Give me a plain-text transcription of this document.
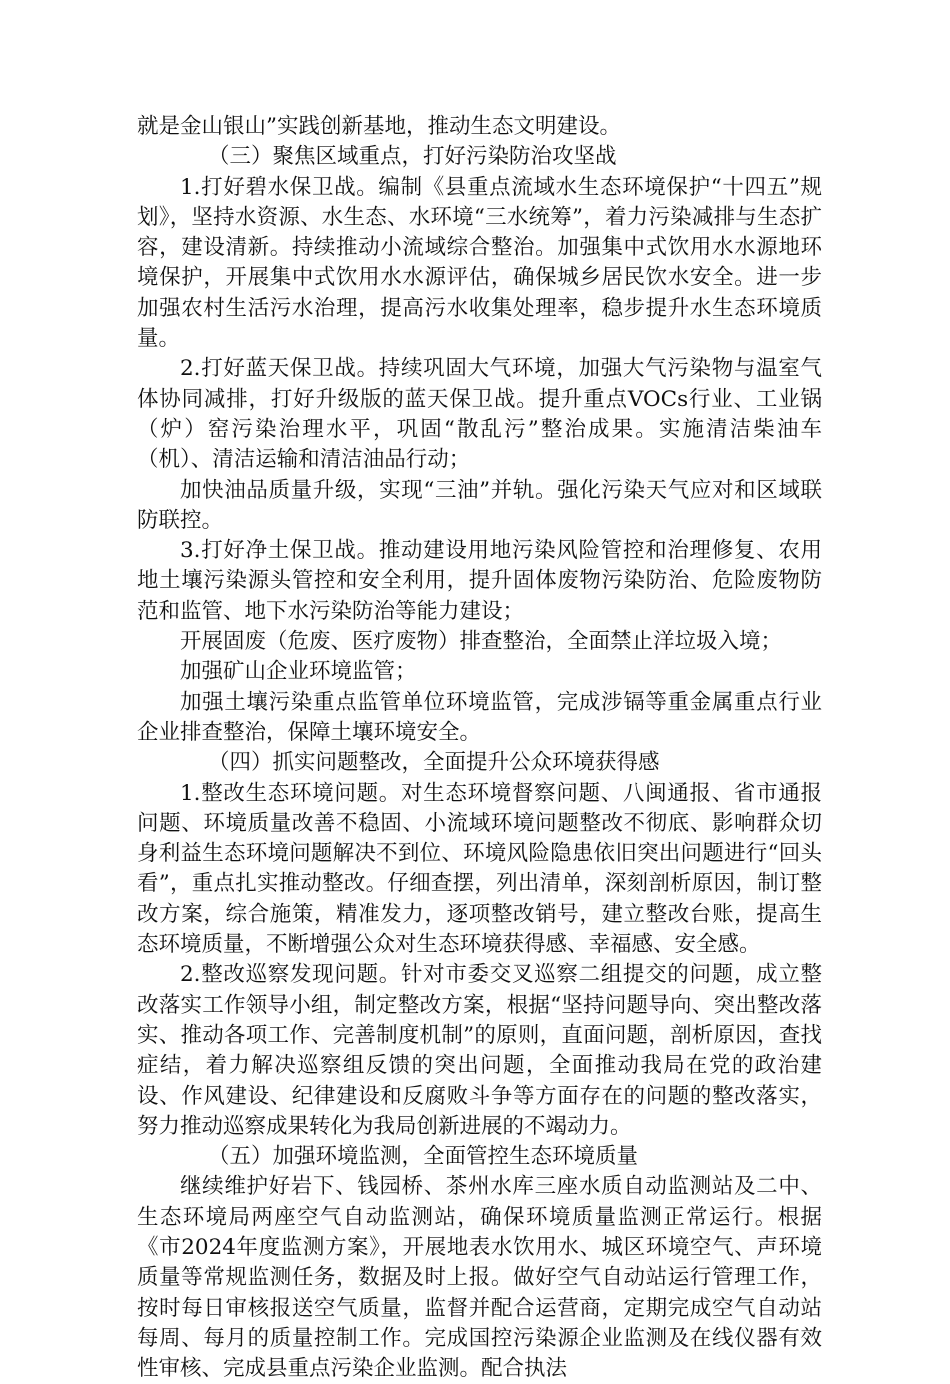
就是金山银山”实践创新基地，推动生态文明建设。

（三）聚焦区域重点，打好污染防治攻坚战

1.打好碧水保卫战。编制《县重点流域水生态环境保护“十四五”规划》，坚持水资源、水生态、水环境“三水统筹”，着力污染减排与生态扩容，建设清新。持续推动小流域综合整治。加强集中式饮用水水源地环境保护，开展集中式饮用水水源评估，确保城乡居民饮水安全。进一步加强农村生活污水治理，提高污水收集处理率，稳步提升水生态环境质量。

2.打好蓝天保卫战。持续巩固大气环境，加强大气污染物与温室气体协同减排，打好升级版的蓝天保卫战。提升重点VOCs行业、工业锅（炉）窑污染治理水平，巩固“散乱污”整治成果。实施清洁柴油车（机）、清洁运输和清洁油品行动；

加快油品质量升级，实现“三油”并轨。强化污染天气应对和区域联防联控。

3.打好净土保卫战。推动建设用地污染风险管控和治理修复、农用地土壤污染源头管控和安全利用，提升固体废物污染防治、危险废物防范和监管、地下水污染防治等能力建设；

开展固废（危废、医疗废物）排查整治，全面禁止洋垃圾入境；

加强矿山企业环境监管；

加强土壤污染重点监管单位环境监管，完成涉镉等重金属重点行业企业排查整治，保障土壤环境安全。

（四）抓实问题整改，全面提升公众环境获得感

1.整改生态环境问题。对生态环境督察问题、八闽通报、省市通报问题、环境质量改善不稳固、小流域环境问题整改不彻底、影响群众切身利益生态环境问题解决不到位、环境风险隐患依旧突出问题进行“回头看”，重点扎实推动整改。仔细查摆，列出清单，深刻剖析原因，制订整改方案，综合施策，精准发力，逐项整改销号，建立整改台账，提高生态环境质量，不断增强公众对生态环境获得感、幸福感、安全感。

2.整改巡察发现问题。针对市委交叉巡察二组提交的问题，成立整改落实工作领导小组，制定整改方案，根据“坚持问题导向、突出整改落实、推动各项工作、完善制度机制”的原则，直面问题，剖析原因，查找症结，着力解决巡察组反馈的突出问题，全面推动我局在党的政治建设、作风建设、纪律建设和反腐败斗争等方面存在的问题的整改落实，努力推动巡察成果转化为我局创新进展的不竭动力。

（五）加强环境监测，全面管控生态环境质量

继续维护好岩下、钱园桥、茶州水库三座水质自动监测站及二中、生态环境局两座空气自动监测站，确保环境质量监测正常运行。根据《市2024年度监测方案》，开展地表水饮用水、城区环境空气、声环境质量等常规监测任务，数据及时上报。做好空气自动站运行管理工作，按时每日审核报送空气质量，监督并配合运营商，定期完成空气自动站每周、每月的质量控制工作。完成国控污染源企业监测及在线仪器有效性审核、完成县重点污染企业监测。配合执法
